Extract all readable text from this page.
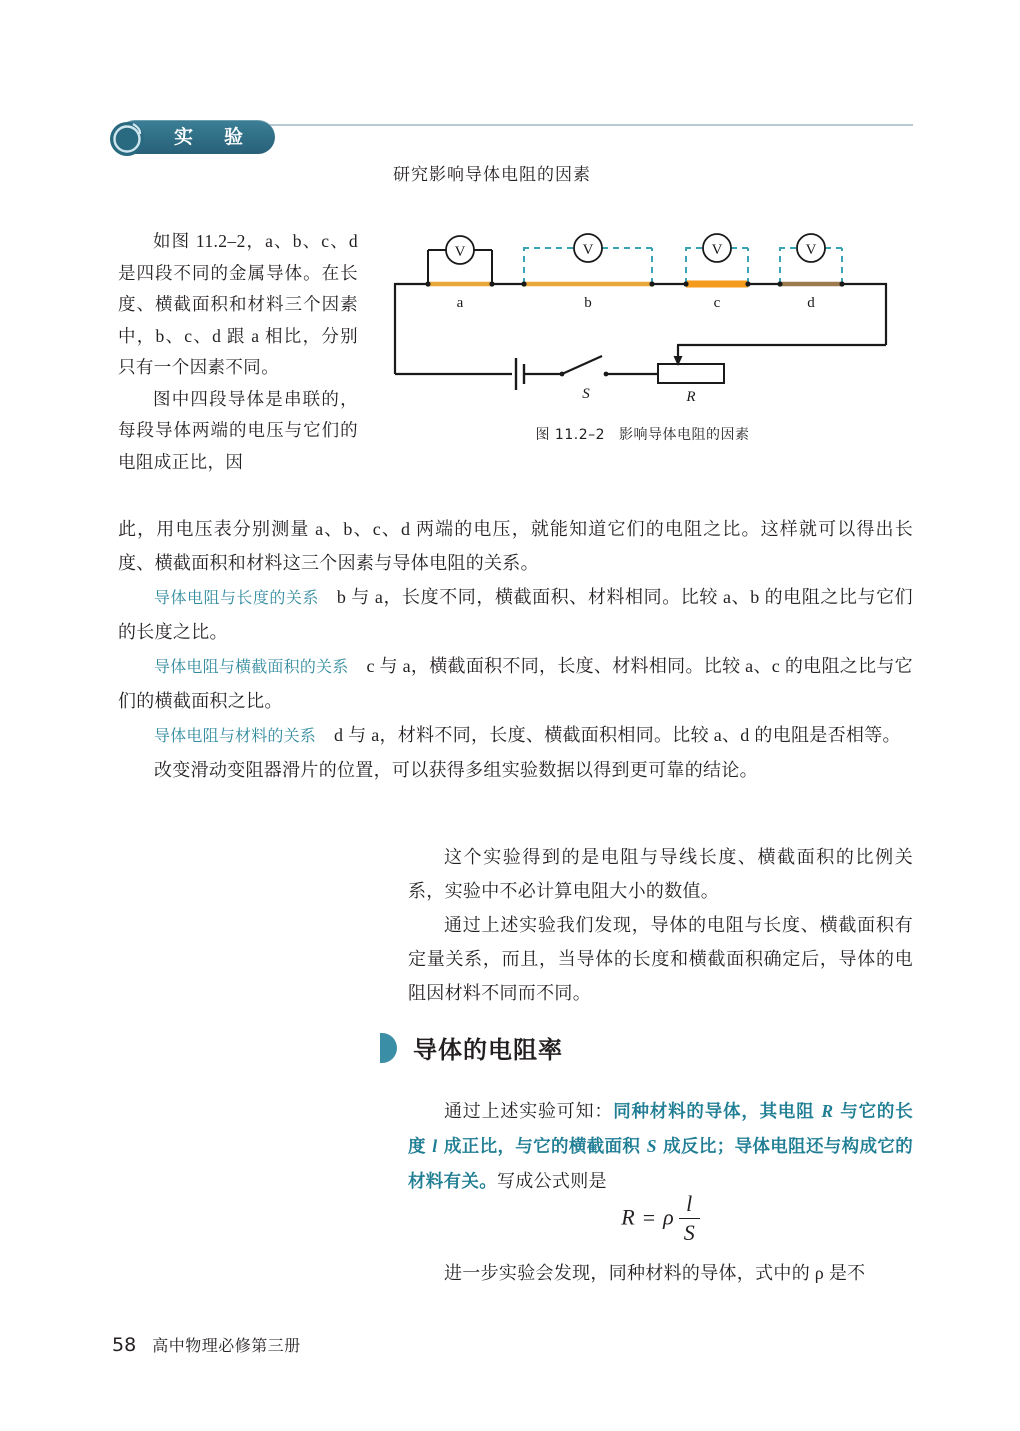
实　验
研究影响导体电阻的因素

如图 11.2–2，a、b、c、d 是四段不同的金属导体。在长度、横截面积和材料三个因素中，b、c、d 跟 a 相比，分别只有一个因素不同。

图中四段导体是串联的，每段导体两端的电压与它们的电阻成正比，因

V
a
V
b
V
c
V
d
S	R
图 11.2–2 影响导体电阻的因素

此，用电压表分别测量 a、b、c、d 两端的电压，就能知道它们的电阻之比。这样就可以得出长度、横截面积和材料这三个因素与导体电阻的关系。

导体电阻与长度的关系 b 与 a，长度不同，横截面积、材料相同。比较 a、b 的电阻之比与它们的长度之比。

导体电阻与横截面积的关系 c 与 a，横截面积不同，长度、材料相同。比较 a、c 的电阻之比与它们的横截面积之比。

导体电阻与材料的关系 d 与 a，材料不同，长度、横截面积相同。比较 a、d 的电阻是否相等。

改变滑动变阻器滑片的位置，可以获得多组实验数据以得到更可靠的结论。

这个实验得到的是电阻与导线长度、横截面积的比例关系，实验中不必计算电阻大小的数值。

通过上述实验我们发现，导体的电阻与长度、横截面积有定量关系，而且，当导体的长度和横截面积确定后，导体的电阻因材料不同而不同。

导体的电阻率

通过上述实验可知：同种材料的导体，其电阻 R 与它的长度 l 成正比，与它的横截面积 S 成反比；导体电阻还与构成它的材料有关。写成公式则是

R = ρ $\frac{l}{S}$

进一步实验会发现，同种材料的导体，式中的 ρ 是不

58 高中物理必修第三册
